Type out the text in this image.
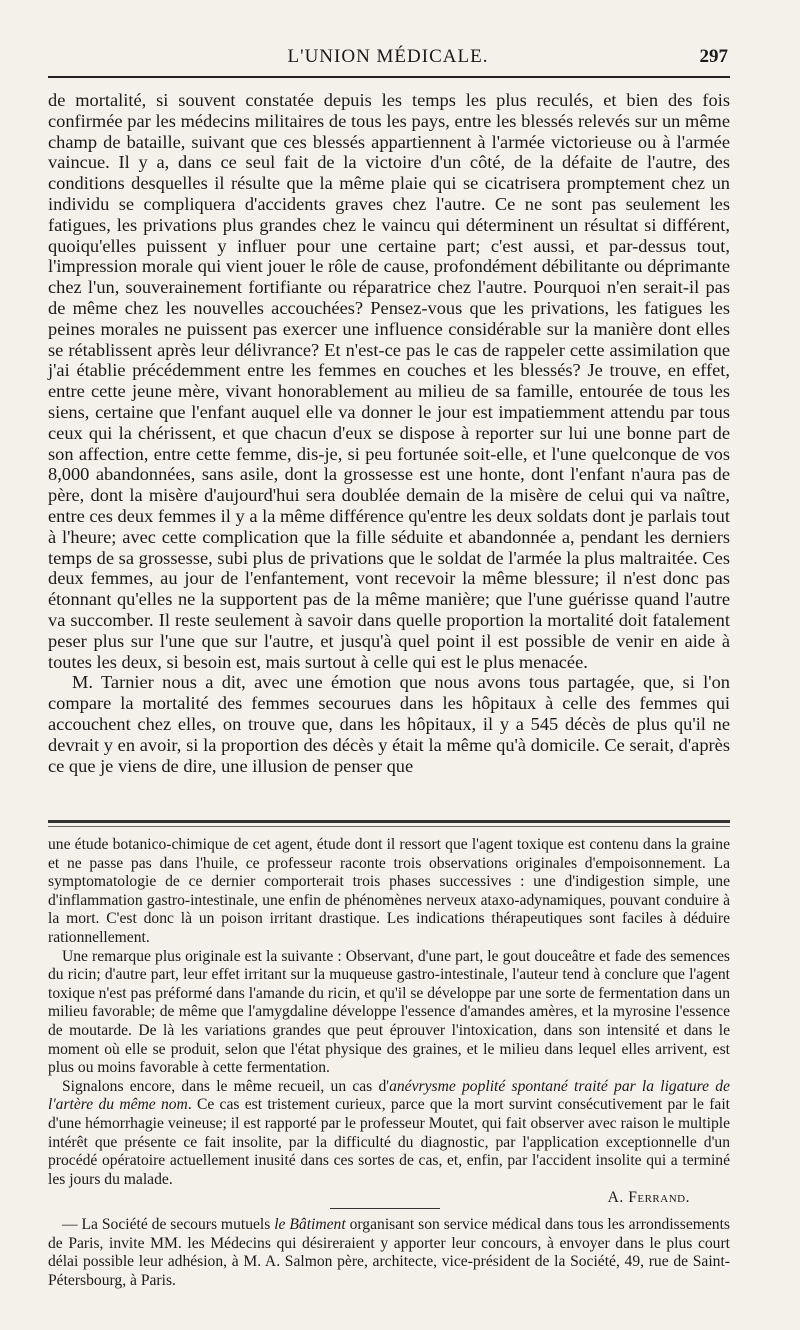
L'UNION MÉDICALE.	297

de mortalité, si souvent constatée depuis les temps les plus reculés, et bien des fois confirmée par les médecins militaires de tous les pays, entre les blessés relevés sur un même champ de bataille, suivant que ces blessés appartiennent à l'armée victorieuse ou à l'armée vaincue. Il y a, dans ce seul fait de la victoire d'un côté, de la défaite de l'autre, des conditions desquelles il résulte que la même plaie qui se cicatrisera promptement chez un individu se compliquera d'accidents graves chez l'autre. Ce ne sont pas seulement les fatigues, les privations plus grandes chez le vaincu qui déterminent un résultat si différent, quoiqu'elles puissent y influer pour une certaine part; c'est aussi, et par-dessus tout, l'impression morale qui vient jouer le rôle de cause, profondément débilitante ou déprimante chez l'un, souverainement fortifiante ou réparatrice chez l'autre. Pourquoi n'en serait-il pas de même chez les nouvelles accouchées? Pensez-vous que les privations, les fatigues les peines morales ne puissent pas exercer une influence considérable sur la manière dont elles se rétablissent après leur délivrance? Et n'est-ce pas le cas de rappeler cette assimilation que j'ai établie précédemment entre les femmes en couches et les blessés? Je trouve, en effet, entre cette jeune mère, vivant honorablement au milieu de sa famille, entourée de tous les siens, certaine que l'enfant auquel elle va donner le jour est impatiemment attendu par tous ceux qui la chérissent, et que chacun d'eux se dispose à reporter sur lui une bonne part de son affection, entre cette femme, dis-je, si peu fortunée soit-elle, et l'une quelconque de vos 8,000 abandonnées, sans asile, dont la grossesse est une honte, dont l'enfant n'aura pas de père, dont la misère d'aujourd'hui sera doublée demain de la misère de celui qui va naître, entre ces deux femmes il y a la même différence qu'entre les deux soldats dont je parlais tout à l'heure; avec cette complication que la fille séduite et abandonnée a, pendant les derniers temps de sa grossesse, subi plus de privations que le soldat de l'armée la plus maltraitée. Ces deux femmes, au jour de l'enfantement, vont recevoir la même blessure; il n'est donc pas étonnant qu'elles ne la supportent pas de la même manière; que l'une guérisse quand l'autre va succomber. Il reste seulement à savoir dans quelle proportion la mortalité doit fatalement peser plus sur l'une que sur l'autre, et jusqu'à quel point il est possible de venir en aide à toutes les deux, si besoin est, mais surtout à celle qui est le plus menacée.

M. Tarnier nous a dit, avec une émotion que nous avons tous partagée, que, si l'on compare la mortalité des femmes secourues dans les hôpitaux à celle des femmes qui accouchent chez elles, on trouve que, dans les hôpitaux, il y a 545 décès de plus qu'il ne devrait y en avoir, si la proportion des décès y était la même qu'à domicile. Ce serait, d'après ce que je viens de dire, une illusion de penser que

une étude botanico-chimique de cet agent, étude dont il ressort que l'agent toxique est contenu dans la graine et ne passe pas dans l'huile, ce professeur raconte trois observations originales d'empoisonnement. La symptomatologie de ce dernier comporterait trois phases successives : une d'indigestion simple, une d'inflammation gastro-intestinale, une enfin de phénomènes nerveux ataxo-adynamiques, pouvant conduire à la mort. C'est donc là un poison irritant drastique. Les indications thérapeutiques sont faciles à déduire rationnellement.

Une remarque plus originale est la suivante : Observant, d'une part, le gout douceâtre et fade des semences du ricin; d'autre part, leur effet irritant sur la muqueuse gastro-intestinale, l'auteur tend à conclure que l'agent toxique n'est pas préformé dans l'amande du ricin, et qu'il se développe par une sorte de fermentation dans un milieu favorable; de même que l'amygdaline développe l'essence d'amandes amères, et la myrosine l'essence de moutarde. De là les variations grandes que peut éprouver l'intoxication, dans son intensité et dans le moment où elle se produit, selon que l'état physique des graines, et le milieu dans lequel elles arrivent, est plus ou moins favorable à cette fermentation.

Signalons encore, dans le même recueil, un cas d'anévrysme poplité spontané traité par la ligature de l'artère du même nom. Ce cas est tristement curieux, parce que la mort survint consécutivement par le fait d'une hémorrhagie veineuse; il est rapporté par le professeur Moutet, qui fait observer avec raison le multiple intérêt que présente ce fait insolite, par la difficulté du diagnostic, par l'application exceptionnelle d'un procédé opératoire actuellement inusité dans ces sortes de cas, et, enfin, par l'accident insolite qui a terminé les jours du malade.

A. Ferrand.
— La Société de secours mutuels le Bâtiment organisant son service médical dans tous les arrondissements de Paris, invite MM. les Médecins qui désireraient y apporter leur concours, à envoyer dans le plus court délai possible leur adhésion, à M. A. Salmon père, architecte, vice-président de la Société, 49, rue de Saint-Pétersbourg, à Paris.
